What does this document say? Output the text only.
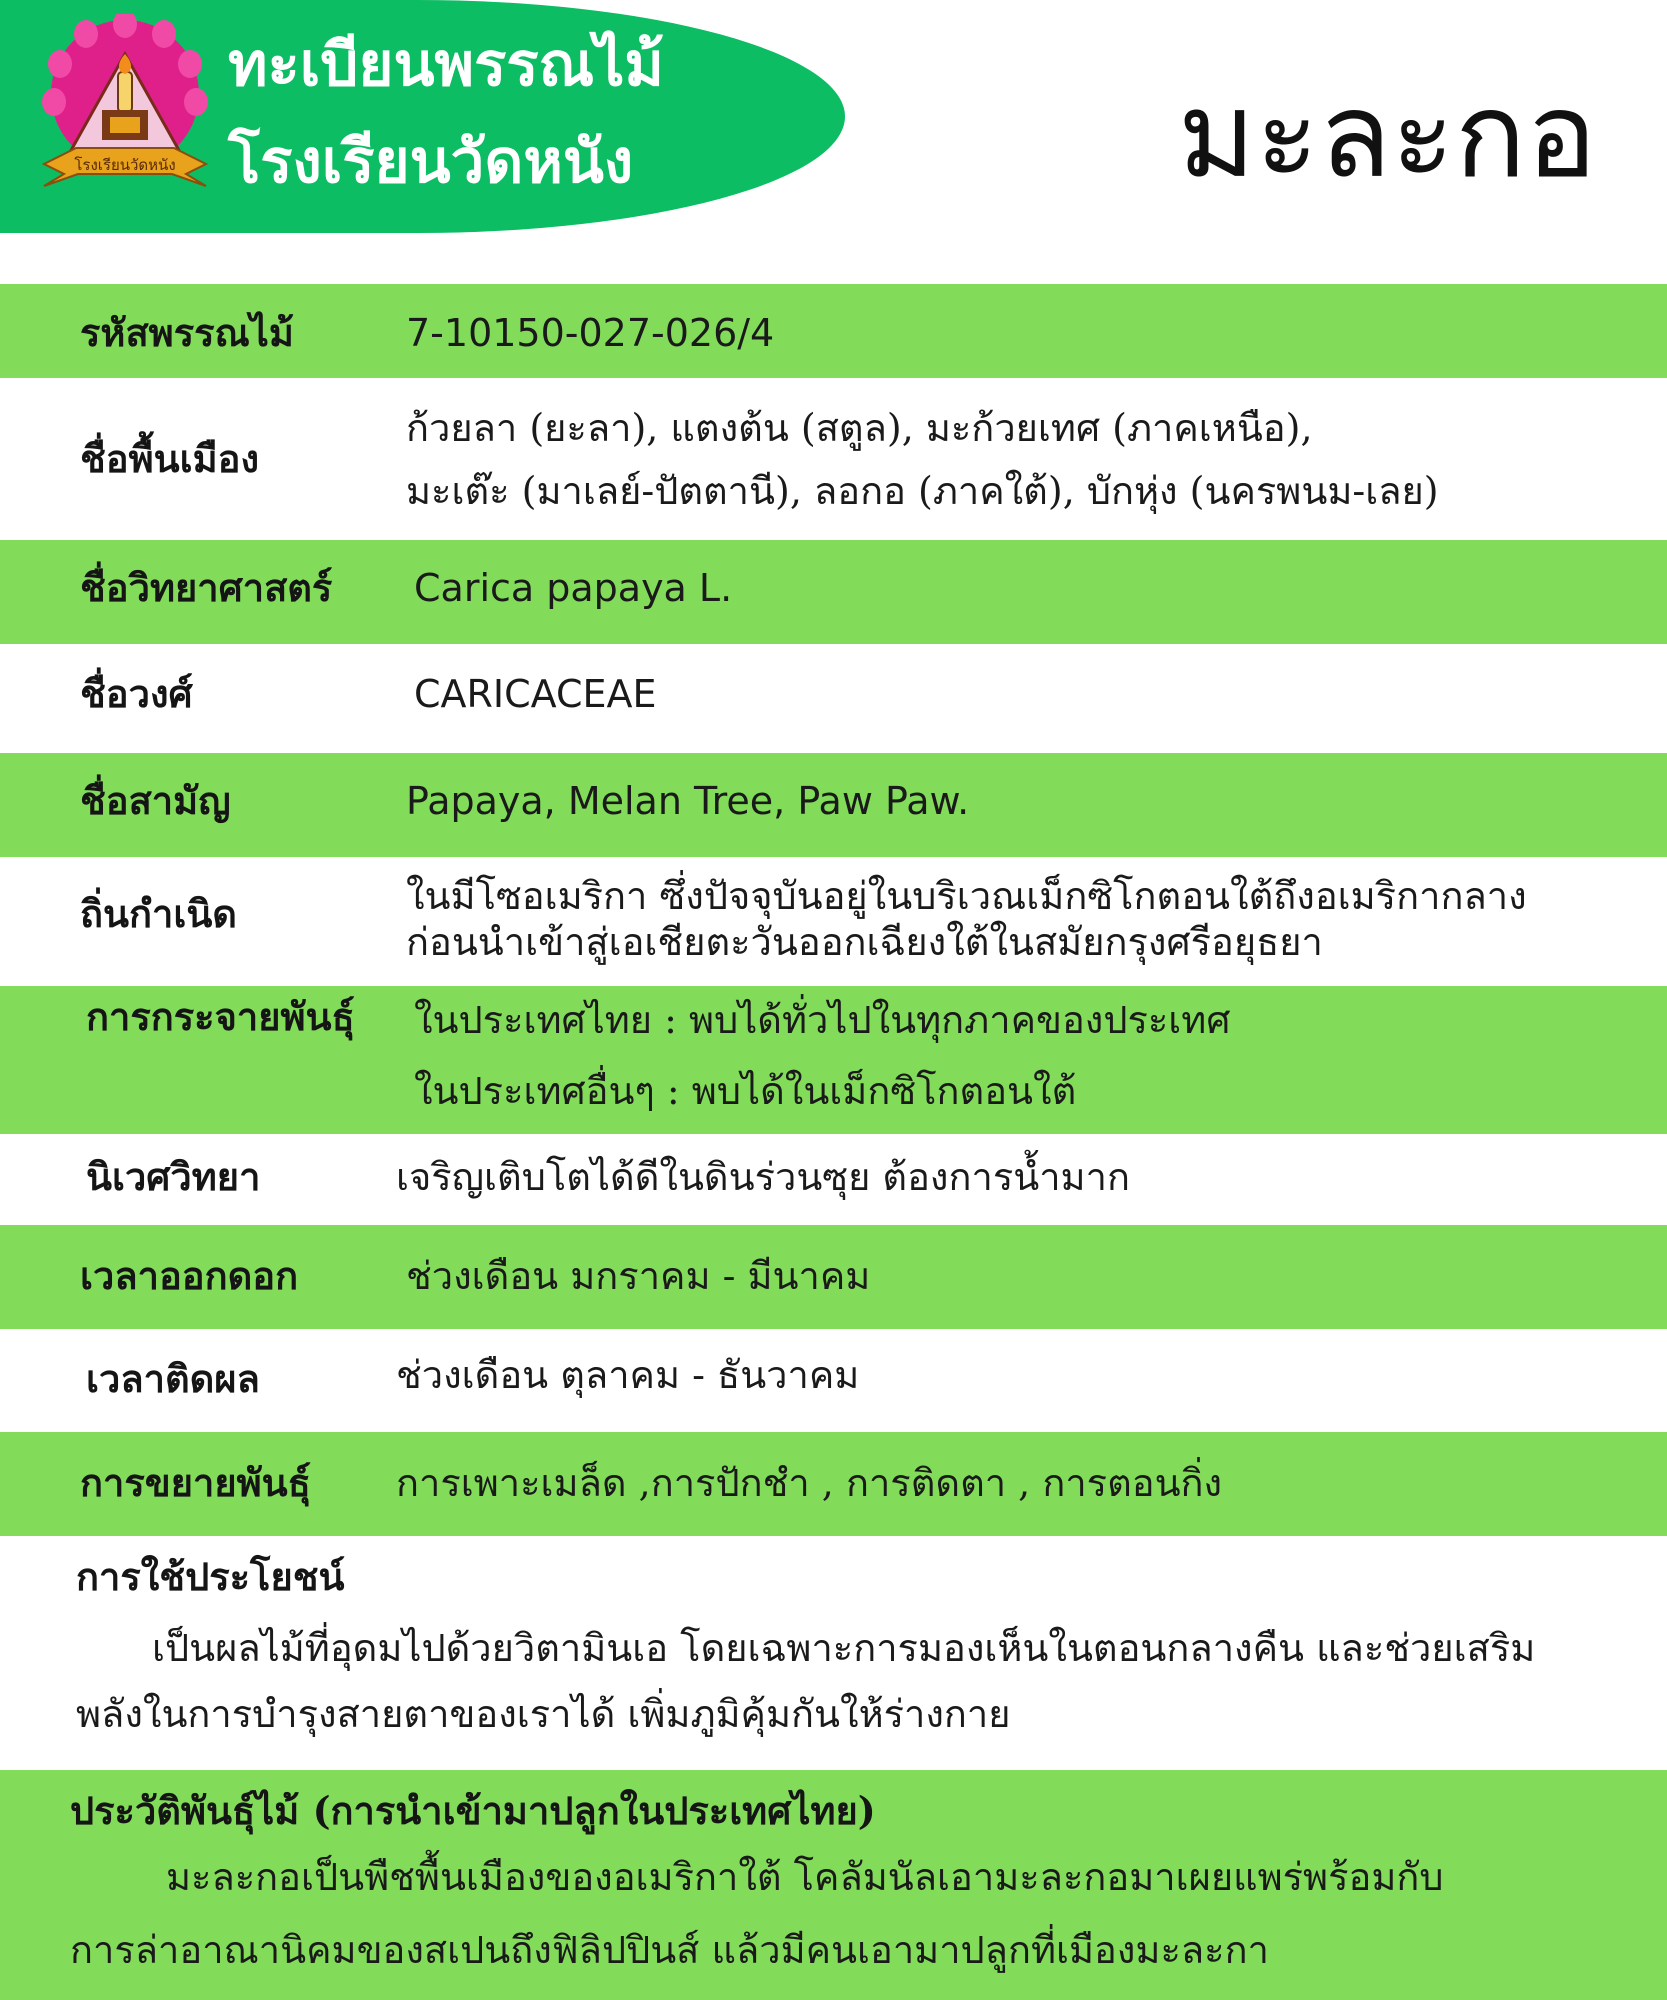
โรงเรียนวัดหนัง
ทะเบียนพรรณไม้
โรงเรียนวัดหนัง	มะละกอ
รหัสพรรณไม้	7-10150-027-026/4
ชื่อพื้นเมือง
ก้วยลา (ยะลา), แตงต้น (สตูล), มะก้วยเทศ (ภาคเหนือ),
มะเต๊ะ (มาเลย์-ปัตตานี), ลอกอ (ภาคใต้), บักหุ่ง (นครพนม-เลย)
ชื่อวิทยาศาสตร์ Carica papaya L.
ชื่อวงศ์	CARICACEAE
ชื่อสามัญ	Papaya, Melan Tree, Paw Paw.
ถิ่นกำเนิด	ในมีโซอเมริกา ซึ่งปัจจุบันอยู่ในบริเวณเม็กซิโกตอนใต้ถึงอเมริกากลาง
ก่อนนำเข้าสู่เอเชียตะวันออกเฉียงใต้ในสมัยกรุงศรีอยุธยา
การกระจายพันธุ์ ในประเทศไทย : พบได้ทั่วไปในทุกภาคของประเทศ
ในประเทศอื่นๆ : พบได้ในเม็กซิโกตอนใต้
นิเวศวิทยา	เจริญเติบโตได้ดีในดินร่วนซุย ต้องการน้ำมาก
เวลาออกดอก	ช่วงเดือน มกราคม - มีนาคม
เวลาติดผล	ช่วงเดือน ตุลาคม - ธันวาคม
การขยายพันธุ์ การเพาะเมล็ด ,การปักชำ , การติดตา , การตอนกิ่ง
การใช้ประโยชน์
เป็นผลไม้ที่อุดมไปด้วยวิตามินเอ โดยเฉพาะการมองเห็นในตอนกลางคืน และช่วยเสริม
พลังในการบำรุงสายตาของเราได้ เพิ่มภูมิคุ้มกันให้ร่างกาย
ประวัติพันธุ์ไม้ (การนำเข้ามาปลูกในประเทศไทย)
มะละกอเป็นพืชพื้นเมืองของอเมริกาใต้ โคลัมนัลเอามะละกอมาเผยแพร่พร้อมกับ
การล่าอาณานิคมของสเปนถึงฟิลิปปินส์ แล้วมีคนเอามาปลูกที่เมืองมะละกา
